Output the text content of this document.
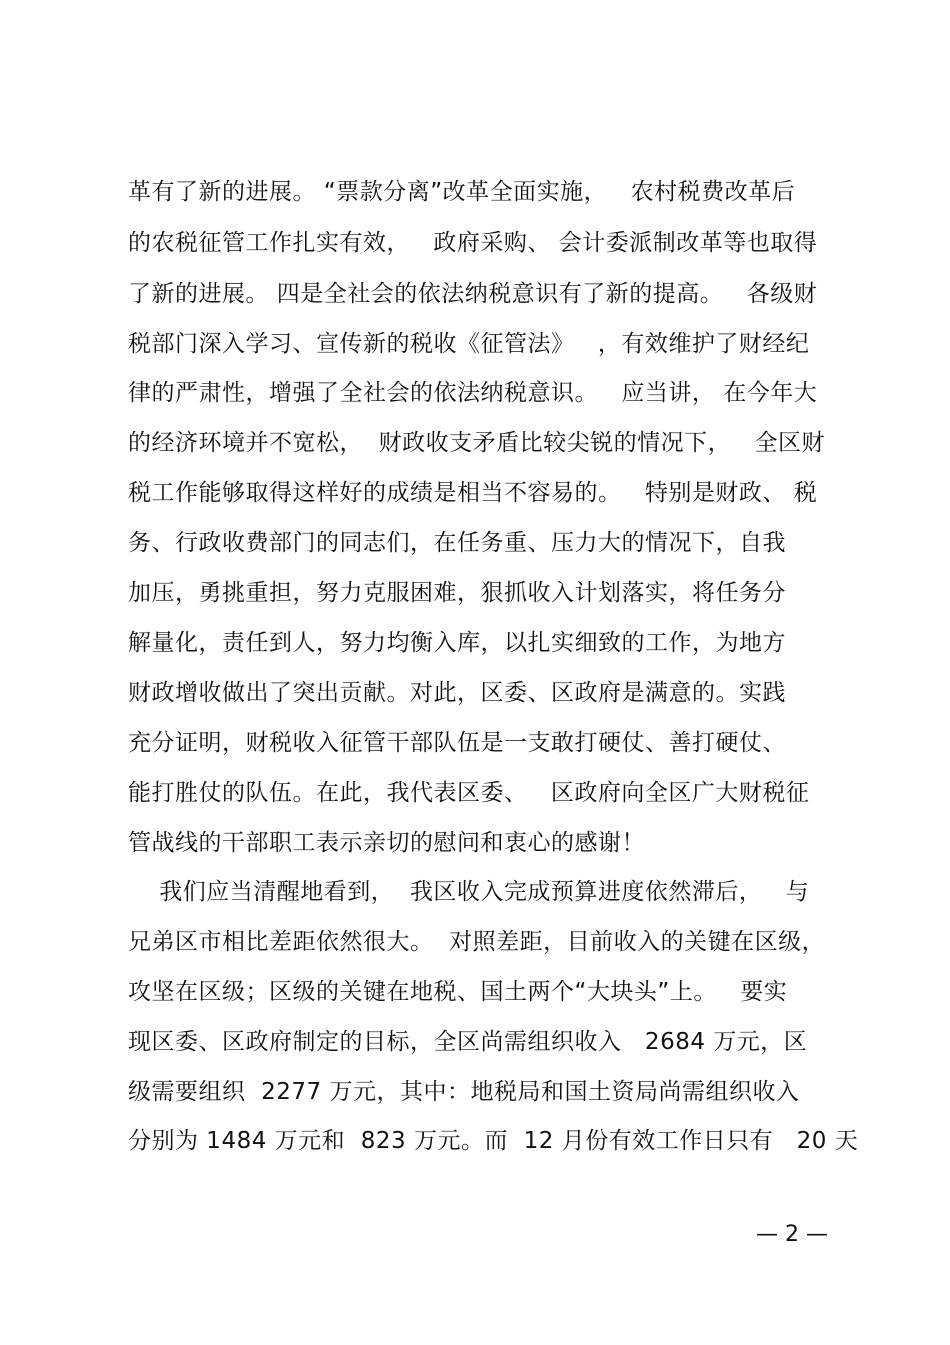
革有了新的进展。 “票款分离”改革全面实施，   农村税费改革后
的农税征管工作扎实有效，   政府采购、 会计委派制改革等也取得
了新的进展。 四是全社会的依法纳税意识有了新的提高。   各级财
税部门深入学习、宣传新的税收《征管法》   ，有效维护了财经纪
律的严肃性，增强了全社会的依法纳税意识。   应当讲， 在今年大
的经济环境并不宽松，  财政收支矛盾比较尖锐的情况下，   全区财
税工作能够取得这样好的成绩是相当不容易的。   特别是财政、 税
务、行政收费部门的同志们，在任务重、压力大的情况下，自我
加压，勇挑重担，努力克服困难，狠抓收入计划落实，将任务分
解量化，责任到人，努力均衡入库，以扎实细致的工作，为地方
财政增收做出了突出贡献。对此，区委、区政府是满意的。实践
充分证明，财税收入征管干部队伍是一支敢打硬仗、善打硬仗、
能打胜仗的队伍。在此，我代表区委、   区政府向全区广大财税征
管战线的干部职工表示亲切的慰问和衷心的感谢！
我们应当清醒地看到，  我区收入完成预算进度依然滞后，   与
兄弟区市相比差距依然很大。  对照差距，目前收入的关键在区级，
攻坚在区级；区级的关键在地税、国土两个“大块头”上。   要实
现区委、区政府制定的目标，全区尚需组织收入   2684 万元，区
级需要组织  2277 万元，其中：地税局和国土资局尚需组织收入
分别为 1484 万元和  823 万元。而  12 月份有效工作日只有   20 天
— 2 —
